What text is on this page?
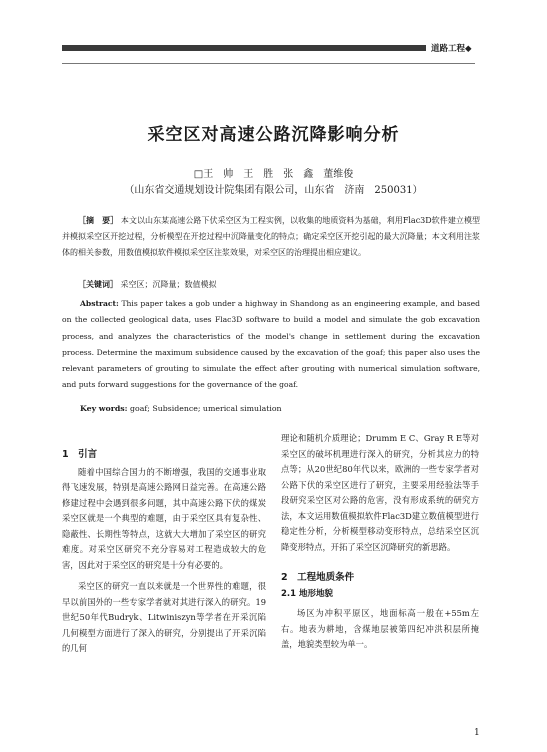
道路工程◆
采空区对高速公路沉降影响分析
□王　帅　王　胜　张　鑫　董维俊
（山东省交通规划设计院集团有限公司，山东省　济南　250031）
［摘　要］ 本文以山东某高速公路下伏采空区为工程实例，以收集的地质资料为基础，利用Flac3D软件建立模型并模拟采空区开挖过程，分析模型在开挖过程中沉降量变化的特点；确定采空区开挖引起的最大沉降量；本文利用注浆体的相关参数，用数值模拟软件模拟采空区注浆效果，对采空区的治理提出相应建议。
［关键词］ 采空区；沉降量；数值模拟
Abstract: This paper takes a gob under a highway in Shandong as an engineering example, and based on the collected geological data, uses Flac3D software to build a model and simulate the gob excavation process, and analyzes the characteristics of the model's change in settlement during the excavation process. Determine the maximum subsidence caused by the excavation of the goaf; this paper also uses the relevant parameters of grouting to simulate the effect after grouting with numerical simulation software, and puts forward suggestions for the governance of the goaf.
Key words: goaf; Subsidence; umerical simulation
1　引言

随着中国综合国力的不断增强，我国的交通事业取得飞速发展，特别是高速公路网日益完善。在高速公路修建过程中会遇到很多问题，其中高速公路下伏的煤炭采空区就是一个典型的难题，由于采空区具有复杂性、隐蔽性、长期性等特点，这就大大增加了采空区的研究难度。对采空区研究不充分容易对工程造成较大的危害，因此对于采空区的研究是十分有必要的。

采空区的研究一直以来就是一个世界性的难题，很早以前国外的一些专家学者就对其进行深入的研究。19世纪50年代Budryk、Litwiniszyn等学者在开采沉陷几何模型方面进行了深入的研究，分别提出了开采沉陷的几何

理论和随机介质理论；Drumm E C、Gray R E等对采空区的破坏机理进行深入的研究，分析其应力的特点等；从20世纪80年代以来，欧洲的一些专家学者对公路下伏的采空区进行了研究，主要采用经验法等手段研究采空区对公路的危害，没有形成系统的研究方法，本文运用数值模拟软件Flac3D建立数值模型进行稳定性分析，分析模型移动变形特点，总结采空区沉降变形特点，开拓了采空区沉降研究的新思路。

2　工程地质条件
2.1 地形地貌

场区为冲积平原区，地面标高一般在+55m左右。地表为耕地，含煤地层被第四纪冲洪积层所掩盖，地貌类型较为单一。

1
